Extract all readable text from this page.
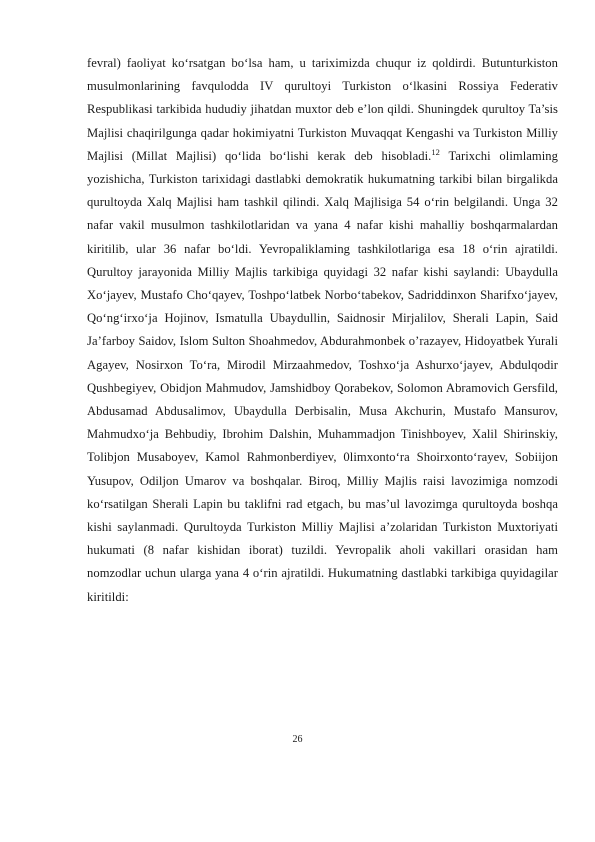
fevral) faoliyat ko‘rsatgan bo‘lsa ham, u tariximizda chuqur iz qoldirdi. Butunturkiston musulmonlarining favqulodda IV qurultoyi Turkiston o‘lkasini Rossiya Federativ Respublikasi tarkibida hududiy jihatdan muxtor deb e’lon qildi. Shuningdek qurultoy Ta’sis Majlisi chaqirilgunga qadar hokimiyatni Turkiston Muvaqqat Kengashi va Turkiston Milliy Majlisi (Millat Majlisi) qo‘lida bo‘lishi kerak deb hisobladi.$^{12}$ Tarixchi olimlaming yozishicha, Turkiston tarixidagi dastlabki demokratik hukumatning tarkibi bilan birgalikda qurultoyda Xalq Majlisi ham tashkil qilindi. Xalq Majlisiga 54 o‘rin belgilandi. Unga 32 nafar vakil musulmon tashkilotlaridan va yana 4 nafar kishi mahalliy boshqarmalardan kiritilib, ular 36 nafar bo‘ldi. Yevropaliklaming tashkilotlariga esa 18 o‘rin ajratildi. Qurultoy jarayonida Milliy Majlis tarkibiga quyidagi 32 nafar kishi saylandi: Ubaydulla Xo‘jayev, Mustafo Cho‘qayev, Toshpo‘latbek Norbo‘tabekov, Sadriddinxon Sharifxo‘jayev, Qo‘ng‘irxo‘ja Hojinov, Ismatulla Ubaydullin, Saidnosir Mirjalilov, Sherali Lapin, Said Ja’farboy Saidov, Islom Sulton Shoahmedov, Abdurahmonbek o’razayev, Hidoyatbek Yurali Agayev, Nosirxon To‘ra, Mirodil Mirzaahmedov, Toshxo‘ja Ashurxo‘jayev, Abdulqodir Qushbegiyev, Obidjon Mahmudov, Jamshidboy Qorabekov, Solomon Abramovich Gersfild, Abdusamad Abdusalimov, Ubaydulla Derbisalin, Musa Akchurin, Mustafo Mansurov, Mahmudxo‘ja Behbudiy, Ibrohim Dalshin, Muhammadjon Tinishboyev, Xalil Shirinskiy, Tolibjon Musaboyev, Kamol Rahmonberdiyev, 0limxonto‘ra Shoirxonto‘rayev, Sobiijon Yusupov, Odiljon Umarov va boshqalar. Biroq, Milliy Majlis raisi lavozimiga nomzodi ko‘rsatilgan Sherali Lapin bu taklifni rad etgach, bu mas’ul lavozimga qurultoyda boshqa kishi saylanmadi. Qurultoyda Turkiston Milliy Majlisi a’zolaridan Turkiston Muxtoriyati hukumati (8 nafar kishidan iborat) tuzildi. Yevropalik aholi vakillari orasidan ham nomzodlar uchun ularga yana 4 o‘rin ajratildi. Hukumatning dastlabki tarkibiga quyidagilar kiritildi:

26
